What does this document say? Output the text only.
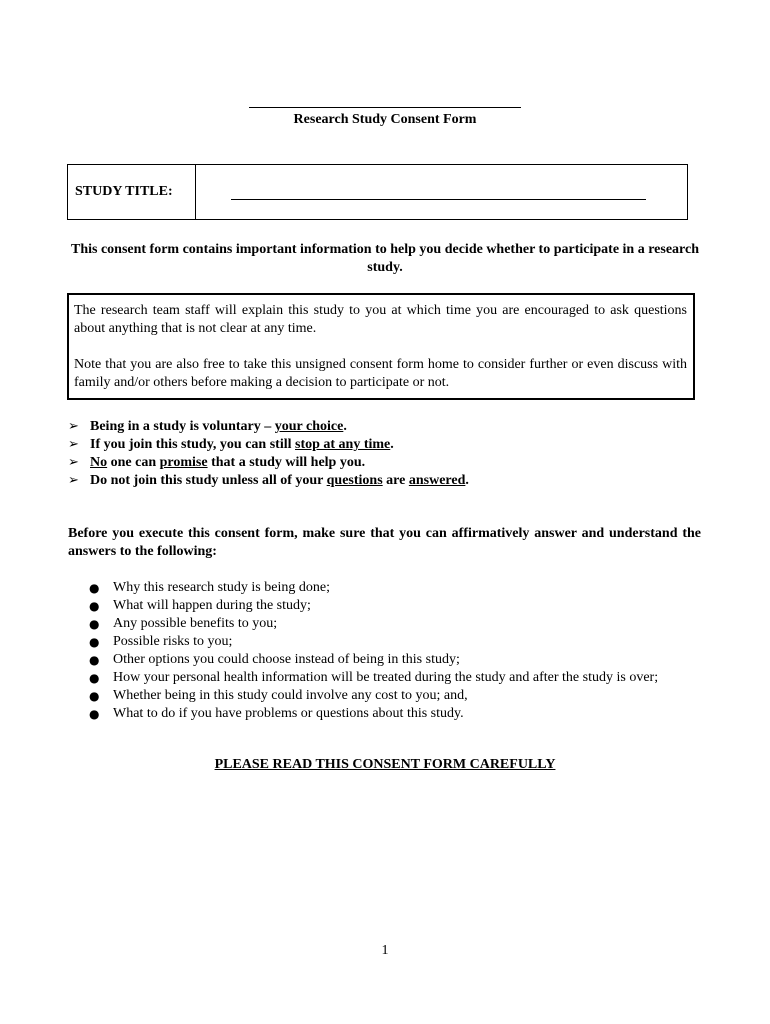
Research Study Consent Form
STUDY TITLE:
This consent form contains important information to help you decide whether to participate in a research study.

The research team staff will explain this study to you at which time you are encouraged to ask questions about anything that is not clear at any time.

Note that you are also free to take this unsigned consent form home to consider further or even discuss with family and/or others before making a decision to participate or not.

➢ Being in a study is voluntary – your choice.
➢ If you join this study, you can still stop at any time.
➢ No one can promise that a study will help you.
➢ Do not join this study unless all of your questions are answered.
Before you execute this consent form, make sure that you can affirmatively answer and understand the answers to the following:
● Why this research study is being done;
● What will happen during the study;
● Any possible benefits to you;
● Possible risks to you;
● Other options you could choose instead of being in this study;
● How your personal health information will be treated during the study and after the study is over;
● Whether being in this study could involve any cost to you; and,
● What to do if you have problems or questions about this study.
PLEASE READ THIS CONSENT FORM CAREFULLY
1
